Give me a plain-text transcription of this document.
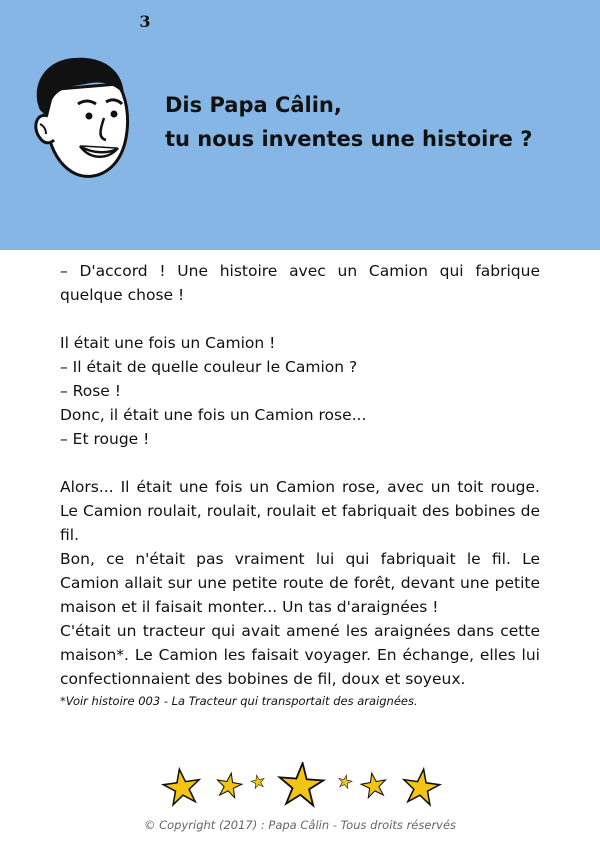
Dis Papa Câlin,
tu nous inventes une histoire ?

– D'accord ! Une histoire avec un Camion qui fabrique quelque chose !

Il était une fois un Camion !

– Il était de quelle couleur le Camion ?

– Rose !

Donc, il était une fois un Camion rose...

– Et rouge !

Alors... Il était une fois un Camion rose, avec un toit rouge. Le Camion roulait, roulait, roulait et fabriquait des bobines de fil.

Bon, ce n'était pas vraiment lui qui fabriquait le fil. Le Camion allait sur une petite route de forêt, devant une petite maison et il faisait monter... Un tas d'araignées !

C'était un tracteur qui avait amené les araignées dans cette maison*. Le Camion les faisait voyager. En échange, elles lui confectionnaient des bobines de fil, doux et soyeux.

*Voir histoire 003 - La Tracteur qui transportait des araignées.
3
© Copyright (2017) : Papa Câlin - Tous droits réservés
